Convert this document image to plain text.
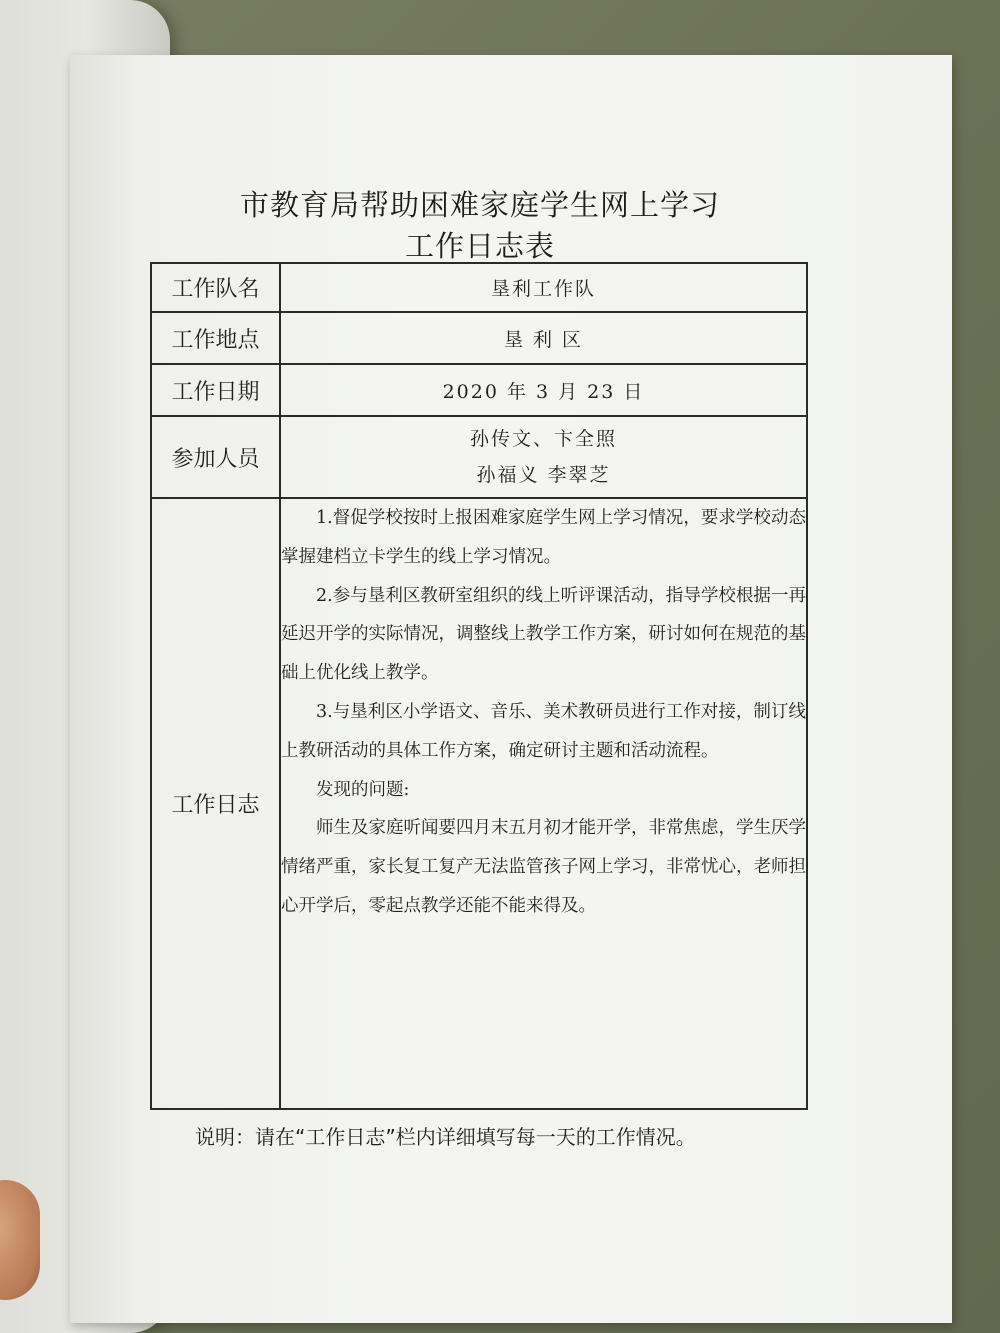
市教育局帮助困难家庭学生网上学习
工作日志表
工作队名	垦利工作队
工作地点	垦 利 区
工作日期	2020 年 3 月 23 日
参加人员	孙传文、卞全照
孙福义 李翠芝

工作日志	1.督促学校按时上报困难家庭学生网上学习情况，要求学校动态掌握建档立卡学生的线上学习情况。

2.参与垦利区教研室组织的线上听评课活动，指导学校根据一再延迟开学的实际情况，调整线上教学工作方案，研讨如何在规范的基础上优化线上教学。

3.与垦利区小学语文、音乐、美术教研员进行工作对接，制订线上教研活动的具体工作方案，确定研讨主题和活动流程。

发现的问题:

师生及家庭听闻要四月末五月初才能开学，非常焦虑，学生厌学情绪严重，家长复工复产无法监管孩子网上学习，非常忧心，老师担心开学后，零起点教学还能不能来得及。

说明：请在“工作日志”栏内详细填写每一天的工作情况。
